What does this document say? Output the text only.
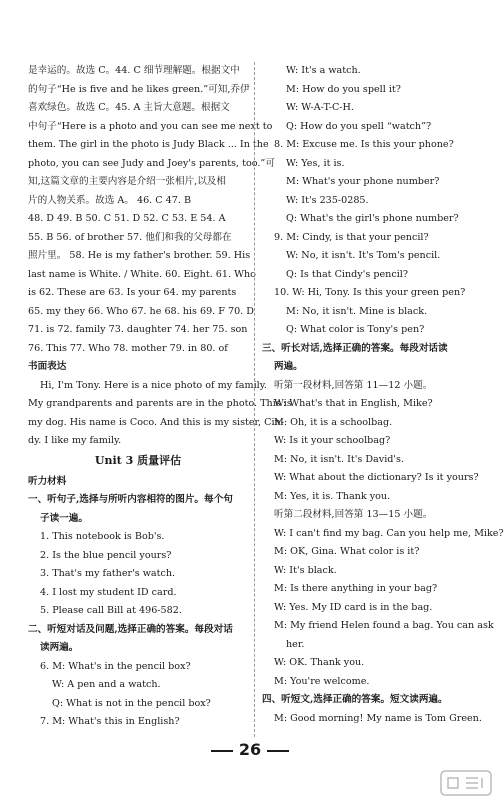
是幸运的。故选 C。44. C 细节理解题。根据文中
的句子“He is five and he likes green.”可知,乔伊
喜欢绿色。故选 C。45. A 主旨大意题。根据文
中句子“Here is a photo and you can see me next to
them. The girl in the photo is Judy Black ... In the
photo, you can see Judy and Joey's parents, too.”可
知,这篇文章的主要内容是介绍一张相片,以及相
片的人物关系。故选 A。 46. C 47. B
48. D 49. B 50. C 51. D 52. C 53. E 54. A
55. B 56. of brother 57. 他们和我的父母都在
照片里。 58. He is my father's brother. 59. His
last name is White. / White. 60. Eight. 61. Who
is 62. These are 63. Is your 64. my parents
65. my they 66. Who 67. he 68. his 69. F 70. D
71. is 72. family 73. daughter 74. her 75. son
76. This 77. Who 78. mother 79. in 80. of
书面表达
Hi, I'm Tony. Here is a nice photo of my family.
My grandparents and parents are in the photo. This is
my dog. His name is Coco. And this is my sister, Cin-
dy. I like my family.
Unit 3 质量评估
听力材料
一、听句子,选择与所听内容相符的图片。每个句
子读一遍。
1. This notebook is Bob's.
2. Is the blue pencil yours?
3. That's my father's watch.
4. I lost my student ID card.
5. Please call Bill at 496-582.
二、听短对话及问题,选择正确的答案。每段对话
读两遍。
6. M: What's in the pencil box?
W: A pen and a watch.
Q: What is not in the pencil box?
7. M: What's this in English?
W: It's a watch.
M: How do you spell it?
W: W-A-T-C-H.
Q: How do you spell “watch”?
8. M: Excuse me. Is this your phone?
W: Yes, it is.
M: What's your phone number?
W: It's 235-0285.
Q: What's the girl's phone number?
9. M: Cindy, is that your pencil?
W: No, it isn't. It's Tom's pencil.
Q: Is that Cindy's pencil?
10. W: Hi, Tony. Is this your green pen?
M: No, it isn't. Mine is black.
Q: What color is Tony's pen?
三、听长对话,选择正确的答案。每段对话读
两遍。
听第一段材料,回答第 11—12 小题。
W: What's that in English, Mike?
M: Oh, it is a schoolbag.
W: Is it your schoolbag?
M: No, it isn't. It's David's.
W: What about the dictionary? Is it yours?
M: Yes, it is. Thank you.
听第二段材料,回答第 13—15 小题。
W: I can't find my bag. Can you help me, Mike?
M: OK, Gina. What color is it?
W: It's black.
M: Is there anything in your bag?
W: Yes. My ID card is in the bag.
M: My friend Helen found a bag. You can ask
her.
W: OK. Thank you.
M: You're welcome.
四、听短文,选择正确的答案。短文读两遍。
M: Good morning! My name is Tom Green.
26
